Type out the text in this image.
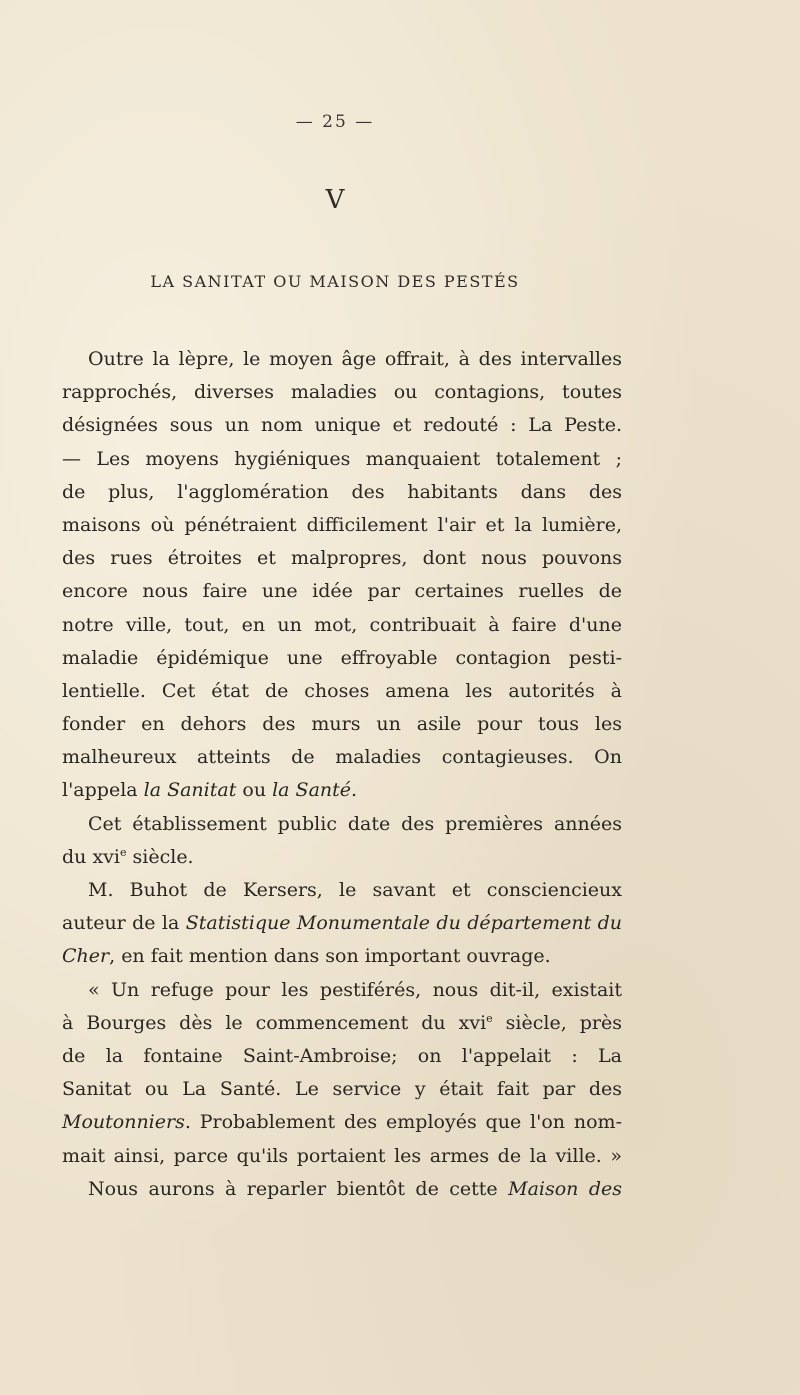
— 25 —
V
LA SANITAT OU MAISON DES PESTÉS
Outre la lèpre, le moyen âge offrait, à des intervalles
rapprochés, diverses maladies ou contagions, toutes
désignées sous un nom unique et redouté : La Peste.
— Les moyens hygiéniques manquaient totalement ;
de plus, l'agglomération des habitants dans des
maisons où pénétraient difficilement l'air et la lumière,
des rues étroites et malpropres, dont nous pouvons
encore nous faire une idée par certaines ruelles de
notre ville, tout, en un mot, contribuait à faire d'une
maladie épidémique une effroyable contagion pesti-
lentielle. Cet état de choses amena les autorités à
fonder en dehors des murs un asile pour tous les
malheureux atteints de maladies contagieuses. On
l'appela la Sanitat ou la Santé.
Cet établissement public date des premières années
du xvi$^e$ siècle.
M. Buhot de Kersers, le savant et consciencieux
auteur de la Statistique Monumentale du département du
Cher, en fait mention dans son important ouvrage.
« Un refuge pour les pestiférés, nous dit-il, existait
à Bourges dès le commencement du xvi$^e$ siècle, près
de la fontaine Saint-Ambroise; on l'appelait : La
Sanitat ou La Santé. Le service y était fait par des
Moutonniers. Probablement des employés que l'on nom-
mait ainsi, parce qu'ils portaient les armes de la ville. »
Nous aurons à reparler bientôt de cette Maison des
